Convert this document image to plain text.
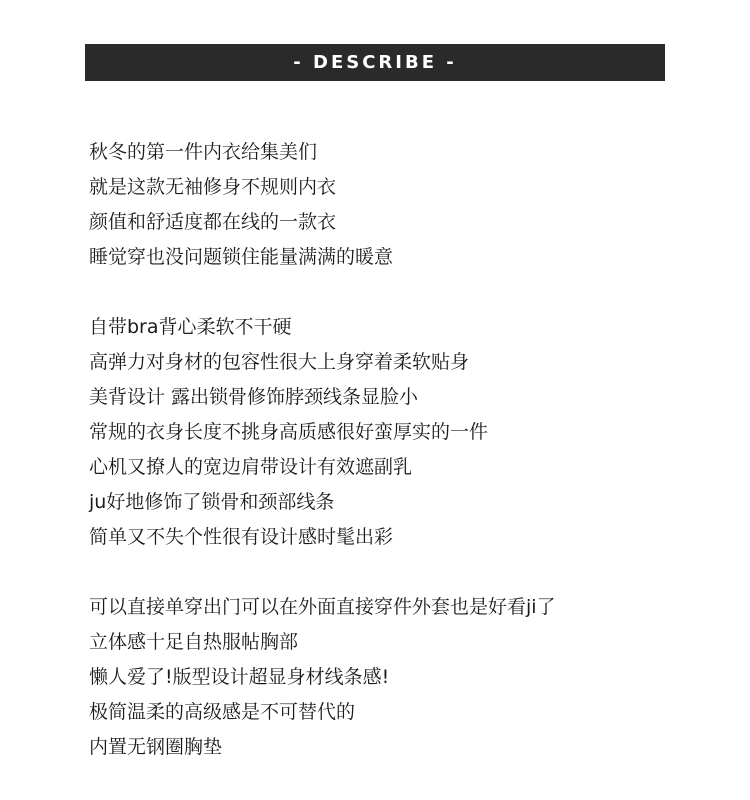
- DESCRIBE -
秋冬的第一件内衣给集美们
就是这款无袖修身不规则内衣
颜值和舒适度都在线的一款衣
睡觉穿也没问题锁住能量满满的暖意
自带bra背心柔软不干硬
高弹力对身材的包容性很大上身穿着柔软贴身
美背设计 露出锁骨修饰脖颈线条显脸小
常规的衣身长度不挑身高质感很好蛮厚实的一件
心机又撩人的宽边肩带设计有效遮副乳
ju好地修饰了锁骨和颈部线条
简单又不失个性很有设计感时髦出彩
可以直接单穿出门可以在外面直接穿件外套也是好看ji了
立体感十足自热服帖胸部
懒人爱了!版型设计超显身材线条感!
极简温柔的高级感是不可替代的
内置无钢圈胸垫
